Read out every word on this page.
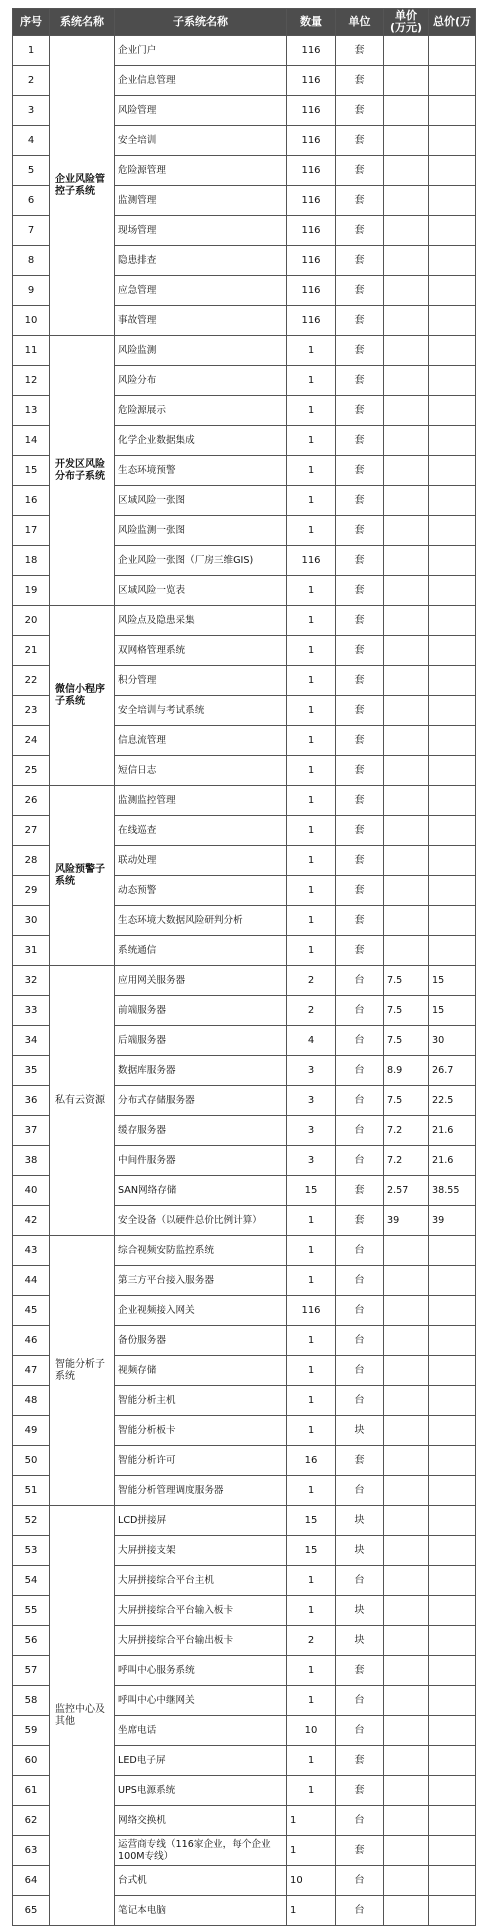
序号	系统名称	子系统名称	数量	单位	单价(万元)	总价(万
1	企业风险管控子系统	企业门户	116	套		
2		企业信息管理	116	套		
3		风险管理	116	套		
4		安全培训	116	套		
5		危险源管理	116	套		
6		监测管理	116	套		
7		现场管理	116	套		
8		隐患排查	116	套		
9		应急管理	116	套		
10		事故管理	116	套		
11	开发区风险分布子系统	风险监测	1	套		
12		风险分布	1	套		
13		危险源展示	1	套		
14		化学企业数据集成	1	套		
15		生态环境预警	1	套		
16		区域风险一张图	1	套		
17		风险监测一张图	1	套		
18		企业风险一张图（厂房三维GIS)	116	套		
19		区域风险一览表	1	套		
20	微信小程序子系统	风险点及隐患采集	1	套		
21		双网格管理系统	1	套		
22		积分管理	1	套		
23		安全培训与考试系统	1	套		
24		信息流管理	1	套		
25		短信日志	1	套		
26	风险预警子系统	监测监控管理	1	套		
27		在线巡查	1	套		
28		联动处理	1	套		
29		动态预警	1	套		
30		生态环境大数据风险研判分析	1	套		
31		系统通信	1	套		
32	私有云资源	应用网关服务器	2	台	7.5	15
33		前端服务器	2	台	7.5	15
34		后端服务器	4	台	7.5	30
35		数据库服务器	3	台	8.9	26.7
36		分布式存储服务器	3	台	7.5	22.5
37		缓存服务器	3	台	7.2	21.6
38		中间件服务器	3	台	7.2	21.6
40		SAN网络存储	15	套	2.57	38.55
42		安全设备（以硬件总价比例计算）	1	套	39	39
43	智能分析子系统	综合视频安防监控系统	1	台		
44		第三方平台接入服务器	1	台		
45		企业视频接入网关	116	台		
46		备份服务器	1	台		
47		视频存储	1	台		
48		智能分析主机	1	台		
49		智能分析板卡	1	块		
50		智能分析许可	16	套		
51		智能分析管理调度服务器	1	台		
52	监控中心及其他	LCD拼接屏	15	块		
53		大屏拼接支架	15	块		
54		大屏拼接综合平台主机	1	台		
55		大屏拼接综合平台输入板卡	1	块		
56		大屏拼接综合平台输出板卡	2	块		
57		呼叫中心服务系统	1	套		
58		呼叫中心中继网关	1	台		
59		坐席电话	10	台		
60		LED电子屏	1	套		
61		UPS电源系统	1	套		
62		网络交换机	1	台		
63		运营商专线（116家企业，每个企业100M专线）	1	套		
64		台式机	10	台		
65		笔记本电脑	1	台		
